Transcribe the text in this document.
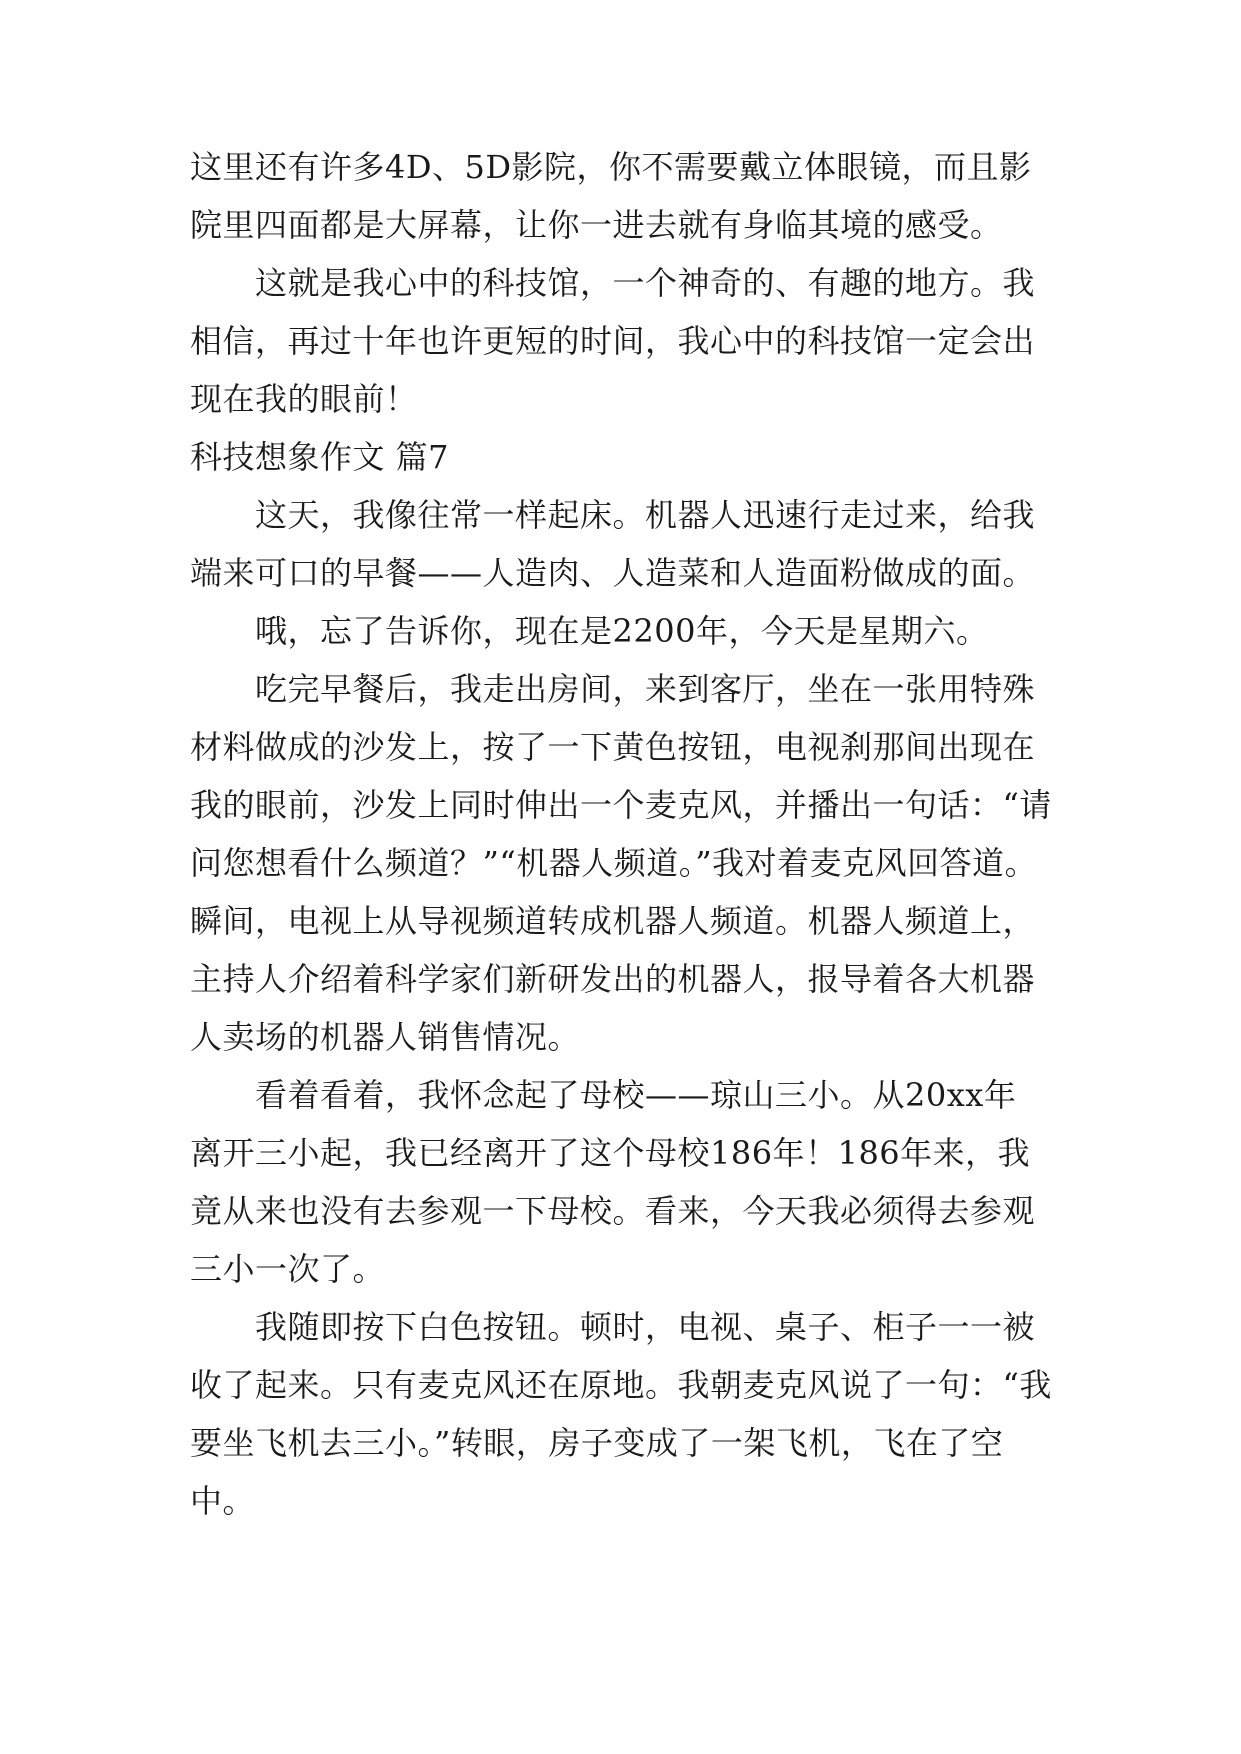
这里还有许多4D、5D影院，你不需要戴立体眼镜，而且影
院里四面都是大屏幕，让你一进去就有身临其境的感受。
　　这就是我心中的科技馆，一个神奇的、有趣的地方。我
相信，再过十年也许更短的时间，我心中的科技馆一定会出
现在我的眼前！
科技想象作文 篇7
　　这天，我像往常一样起床。机器人迅速行走过来，给我
端来可口的早餐——人造肉、人造菜和人造面粉做成的面。
　　哦，忘了告诉你，现在是2200年，今天是星期六。
　　吃完早餐后，我走出房间，来到客厅，坐在一张用特殊
材料做成的沙发上，按了一下黄色按钮，电视刹那间出现在
我的眼前，沙发上同时伸出一个麦克风，并播出一句话：“请
问您想看什么频道？”“机器人频道。”我对着麦克风回答道。
瞬间，电视上从导视频道转成机器人频道。机器人频道上，
主持人介绍着科学家们新研发出的机器人，报导着各大机器
人卖场的机器人销售情况。
　　看着看着，我怀念起了母校——琼山三小。从20xx年
离开三小起，我已经离开了这个母校186年！186年来，我
竟从来也没有去参观一下母校。看来，今天我必须得去参观
三小一次了。
　　我随即按下白色按钮。顿时，电视、桌子、柜子一一被
收了起来。只有麦克风还在原地。我朝麦克风说了一句：“我
要坐飞机去三小。”转眼，房子变成了一架飞机，飞在了空
中。
